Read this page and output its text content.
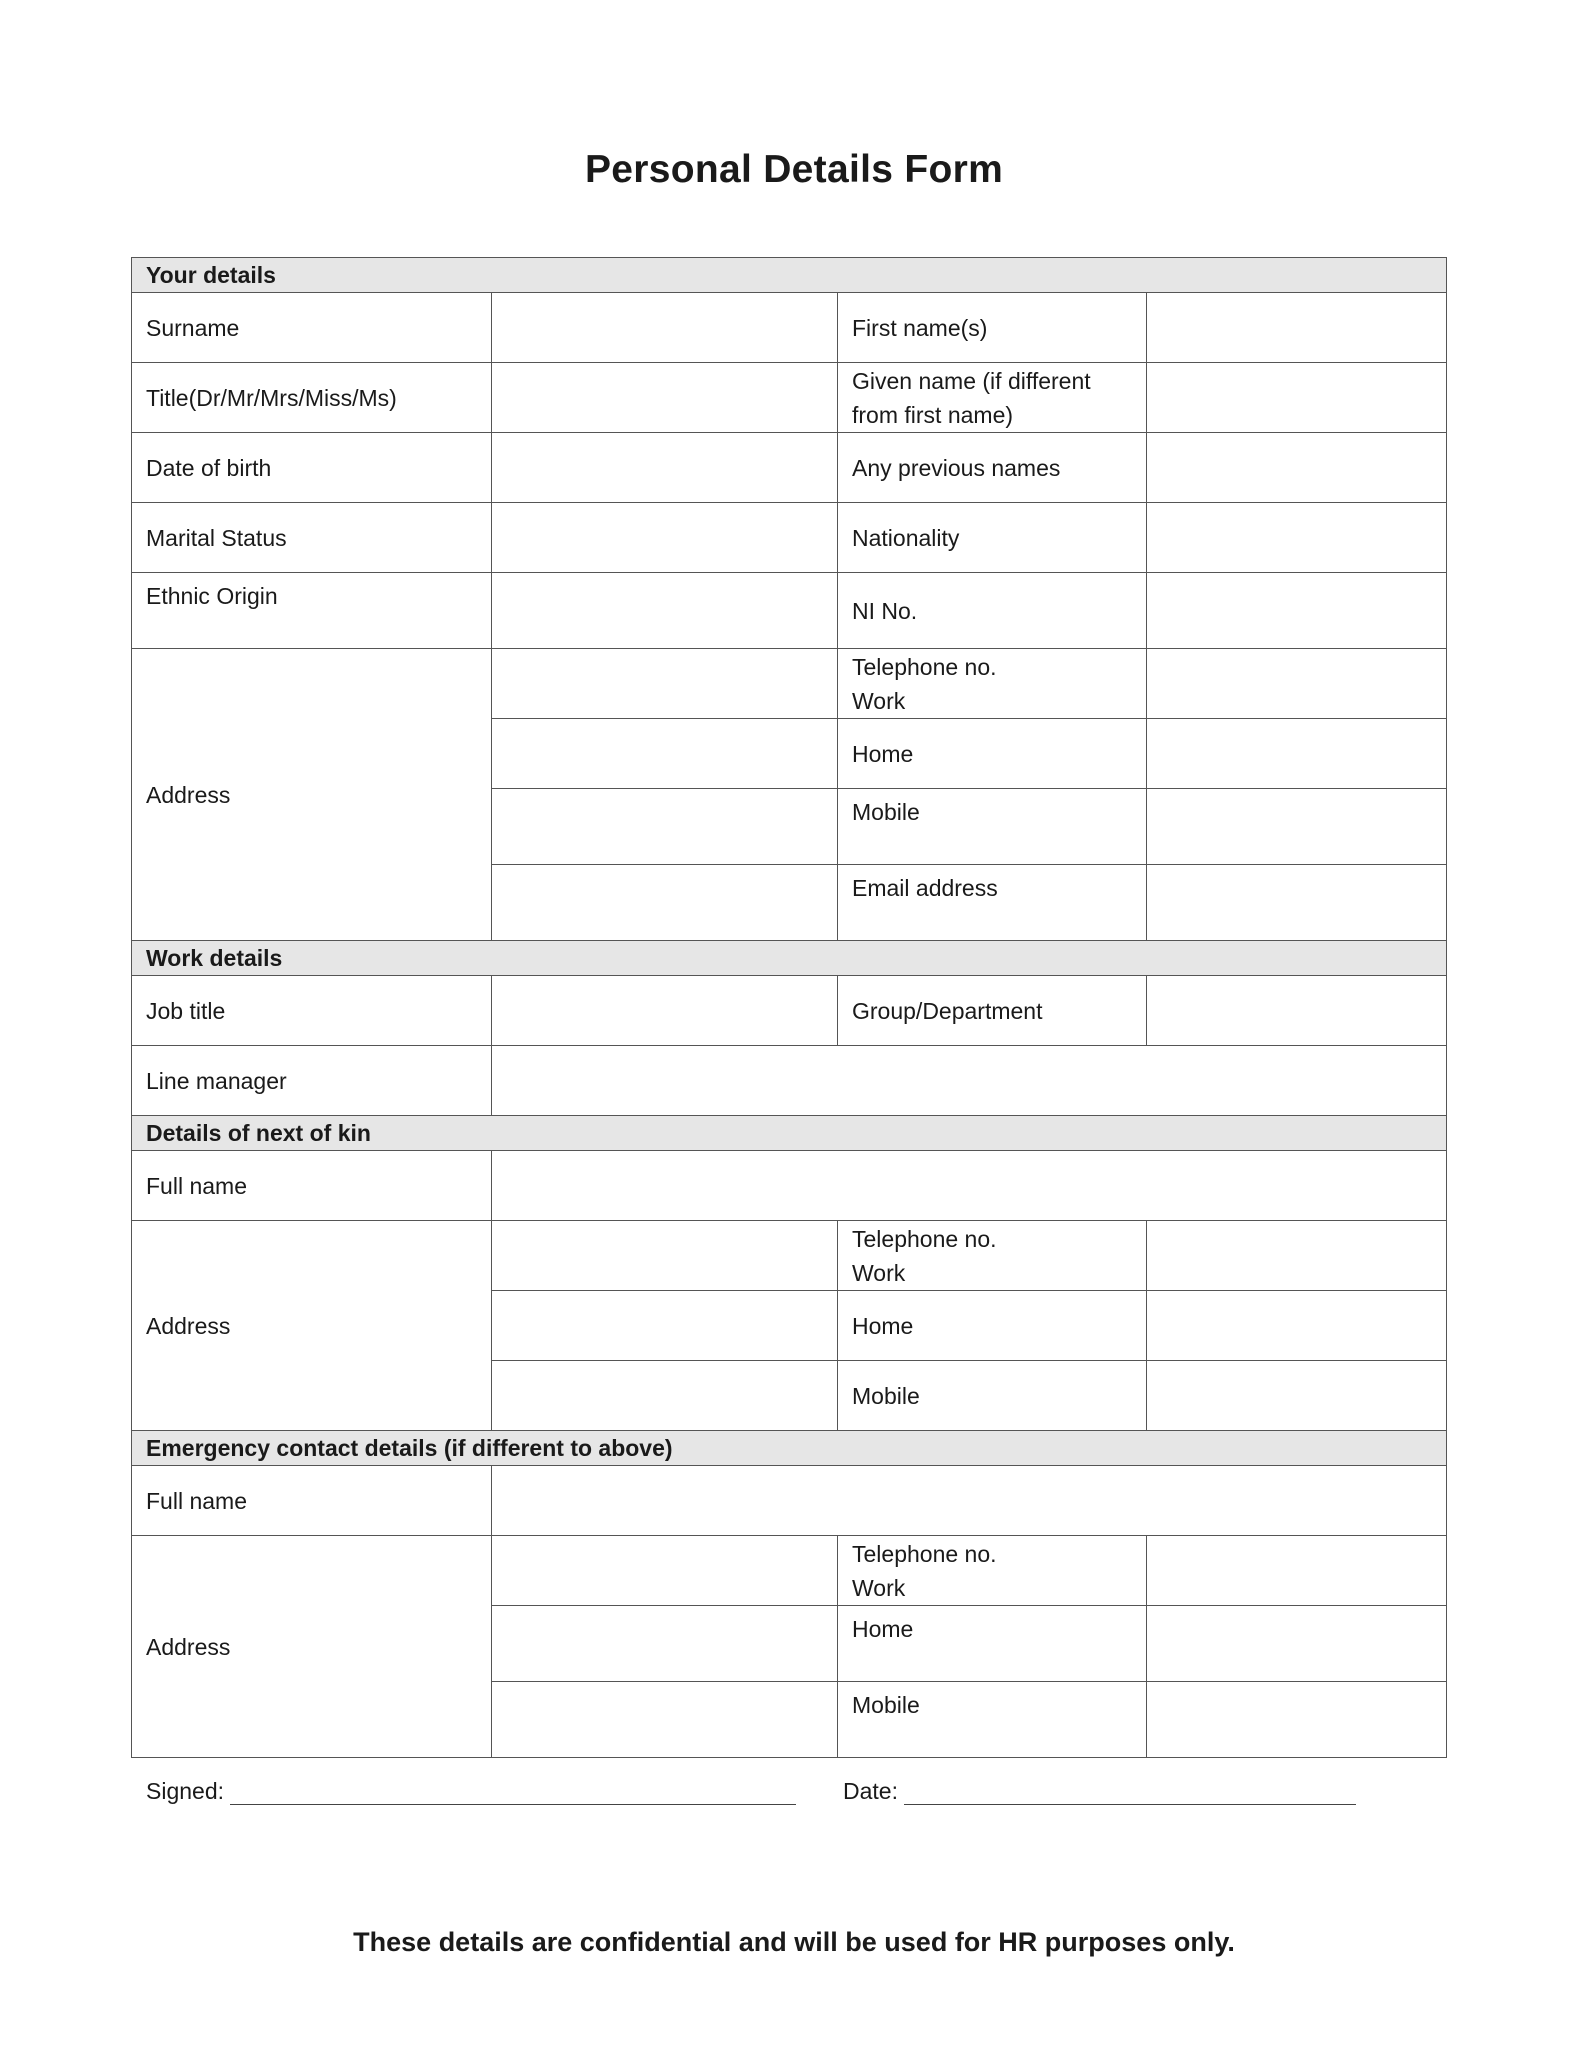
Personal Details Form
Your details			
Surname		First name(s)	
Title(Dr/Mr/Mrs/Miss/Ms)		Given name (if different
from first name)	

Date of birth		Any previous names	
Marital Status		Nationality	
Ethnic Origin		NI No.	
Address		Telephone no.
Work	

		Home	
		Mobile	
		Email address	
Work details			
Job title		Group/Department	
Line manager			
Details of next of kin			
Full name			
Address		Telephone no.
Work	

		Home	
		Mobile	
Emergency contact details (if different to above)			
Full name			
Address		Telephone no.
Work	

		Home	
		Mobile	
Signed:	Date:
These details are confidential and will be used for HR purposes only.
